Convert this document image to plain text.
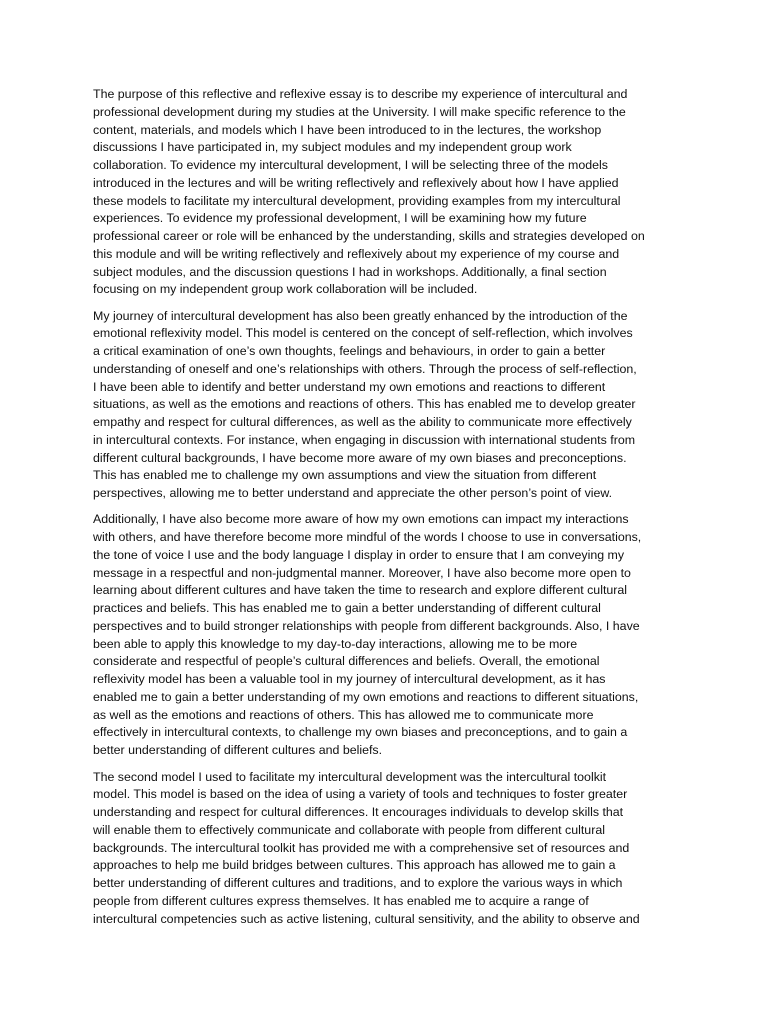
The purpose of this reflective and reflexive essay is to describe my experience of intercultural and
professional development during my studies at the University. I will make specific reference to the
content, materials, and models which I have been introduced to in the lectures, the workshop
discussions I have participated in, my subject modules and my independent group work
collaboration. To evidence my intercultural development, I will be selecting three of the models
introduced in the lectures and will be writing reflectively and reflexively about how I have applied
these models to facilitate my intercultural development, providing examples from my intercultural
experiences. To evidence my professional development, I will be examining how my future
professional career or role will be enhanced by the understanding, skills and strategies developed on
this module and will be writing reflectively and reflexively about my experience of my course and
subject modules, and the discussion questions I had in workshops. Additionally, a final section
focusing on my independent group work collaboration will be included.

My journey of intercultural development has also been greatly enhanced by the introduction of the
emotional reflexivity model. This model is centered on the concept of self-reflection, which involves
a critical examination of one’s own thoughts, feelings and behaviours, in order to gain a better
understanding of oneself and one’s relationships with others. Through the process of self-reflection,
I have been able to identify and better understand my own emotions and reactions to different
situations, as well as the emotions and reactions of others. This has enabled me to develop greater
empathy and respect for cultural differences, as well as the ability to communicate more effectively
in intercultural contexts. For instance, when engaging in discussion with international students from
different cultural backgrounds, I have become more aware of my own biases and preconceptions.
This has enabled me to challenge my own assumptions and view the situation from different
perspectives, allowing me to better understand and appreciate the other person’s point of view.

Additionally, I have also become more aware of how my own emotions can impact my interactions
with others, and have therefore become more mindful of the words I choose to use in conversations,
the tone of voice I use and the body language I display in order to ensure that I am conveying my
message in a respectful and non-judgmental manner. Moreover, I have also become more open to
learning about different cultures and have taken the time to research and explore different cultural
practices and beliefs. This has enabled me to gain a better understanding of different cultural
perspectives and to build stronger relationships with people from different backgrounds. Also, I have
been able to apply this knowledge to my day-to-day interactions, allowing me to be more
considerate and respectful of people’s cultural differences and beliefs. Overall, the emotional
reflexivity model has been a valuable tool in my journey of intercultural development, as it has
enabled me to gain a better understanding of my own emotions and reactions to different situations,
as well as the emotions and reactions of others. This has allowed me to communicate more
effectively in intercultural contexts, to challenge my own biases and preconceptions, and to gain a
better understanding of different cultures and beliefs.

The second model I used to facilitate my intercultural development was the intercultural toolkit
model. This model is based on the idea of using a variety of tools and techniques to foster greater
understanding and respect for cultural differences. It encourages individuals to develop skills that
will enable them to effectively communicate and collaborate with people from different cultural
backgrounds. The intercultural toolkit has provided me with a comprehensive set of resources and
approaches to help me build bridges between cultures. This approach has allowed me to gain a
better understanding of different cultures and traditions, and to explore the various ways in which
people from different cultures express themselves. It has enabled me to acquire a range of
intercultural competencies such as active listening, cultural sensitivity, and the ability to observe and
